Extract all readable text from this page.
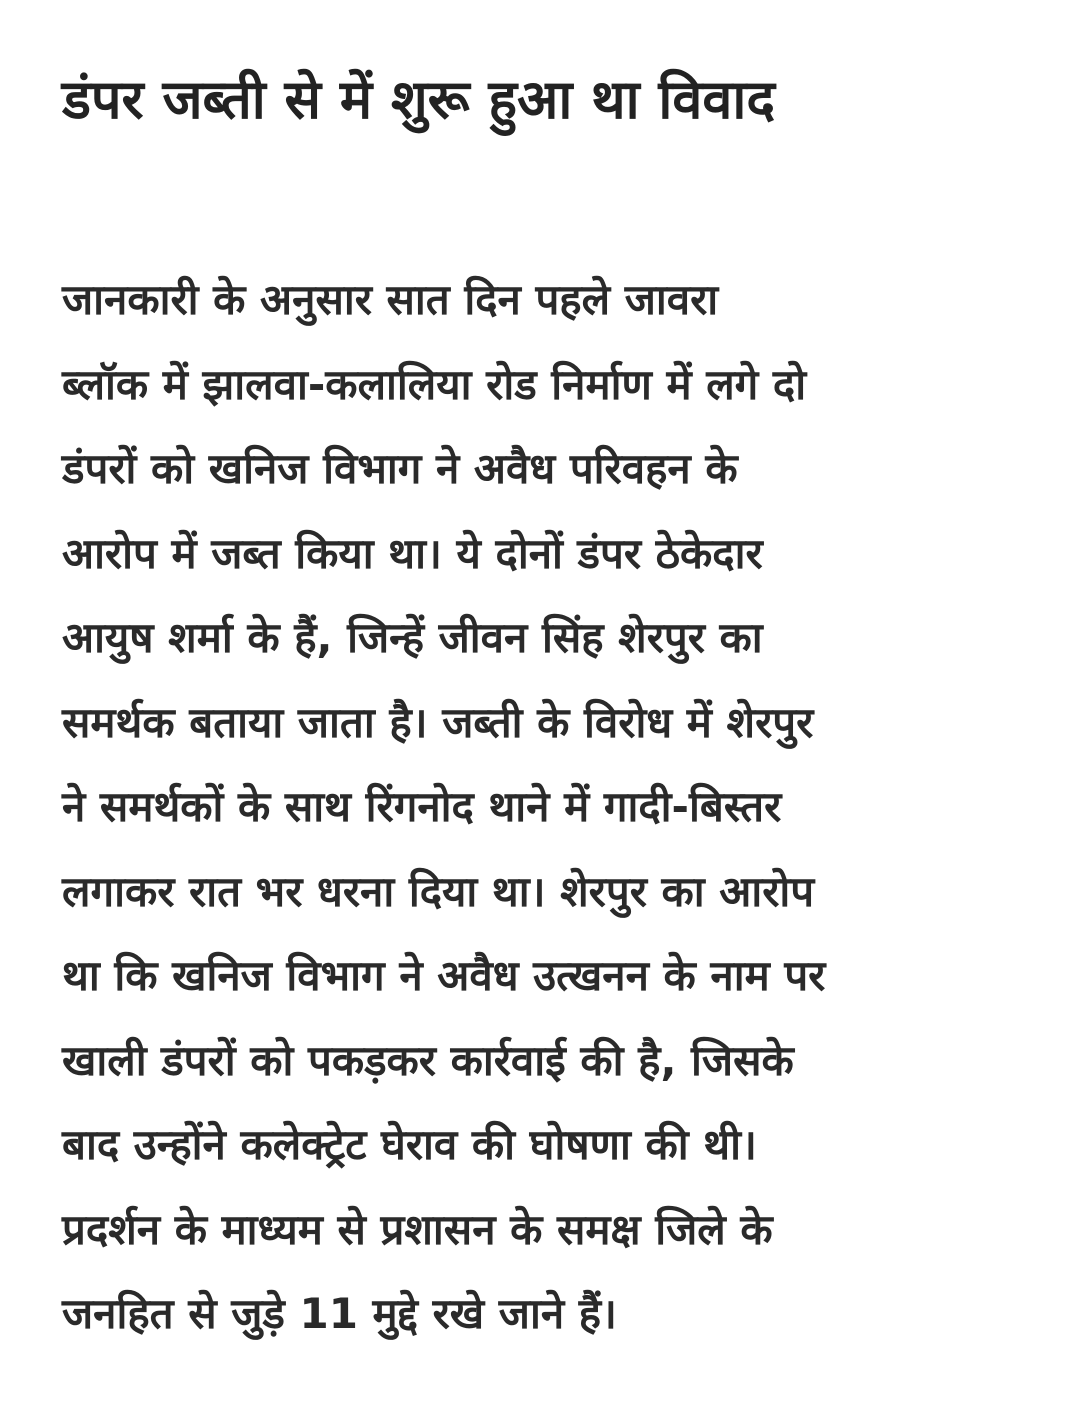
डंपर जब्ती से में शुरू हुआ था विवाद
जानकारी के अनुसार सात दिन पहले जावरा
ब्लॉक में झालवा-कलालिया रोड निर्माण में लगे दो
डंपरों को खनिज विभाग ने अवैध परिवहन के
आरोप में जब्त किया था। ये दोनों डंपर ठेकेदार
आयुष शर्मा के हैं, जिन्हें जीवन सिंह शेरपुर का
समर्थक बताया जाता है। जब्ती के विरोध में शेरपुर
ने समर्थकों के साथ रिंगनोद थाने में गादी-बिस्तर
लगाकर रात भर धरना दिया था। शेरपुर का आरोप
था कि खनिज विभाग ने अवैध उत्खनन के नाम पर
खाली डंपरों को पकड़कर कार्रवाई की है, जिसके
बाद उन्होंने कलेक्ट्रेट घेराव की घोषणा की थी।
प्रदर्शन के माध्यम से प्रशासन के समक्ष जिले के
जनहित से जुड़े 11 मुद्दे रखे जाने हैं।
